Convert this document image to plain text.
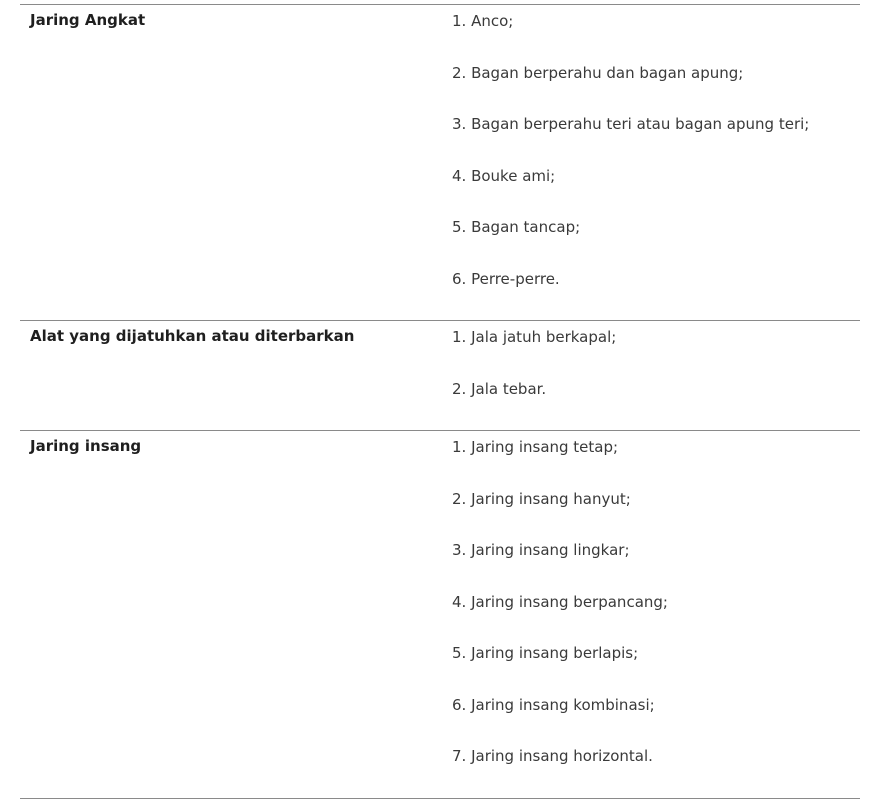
Jaring Angkat	1. Anco;
2. Bagan berperahu dan bagan apung;
3. Bagan berperahu teri atau bagan apung teri;
4. Bouke ami;
5. Bagan tancap;
6. Perre-perre.
Alat yang dijatuhkan atau diterbarkan	1. Jala jatuh berkapal;
2. Jala tebar.
Jaring insang	1. Jaring insang tetap;
2. Jaring insang hanyut;
3. Jaring insang lingkar;
4. Jaring insang berpancang;
5. Jaring insang berlapis;
6. Jaring insang kombinasi;
7. Jaring insang horizontal.
